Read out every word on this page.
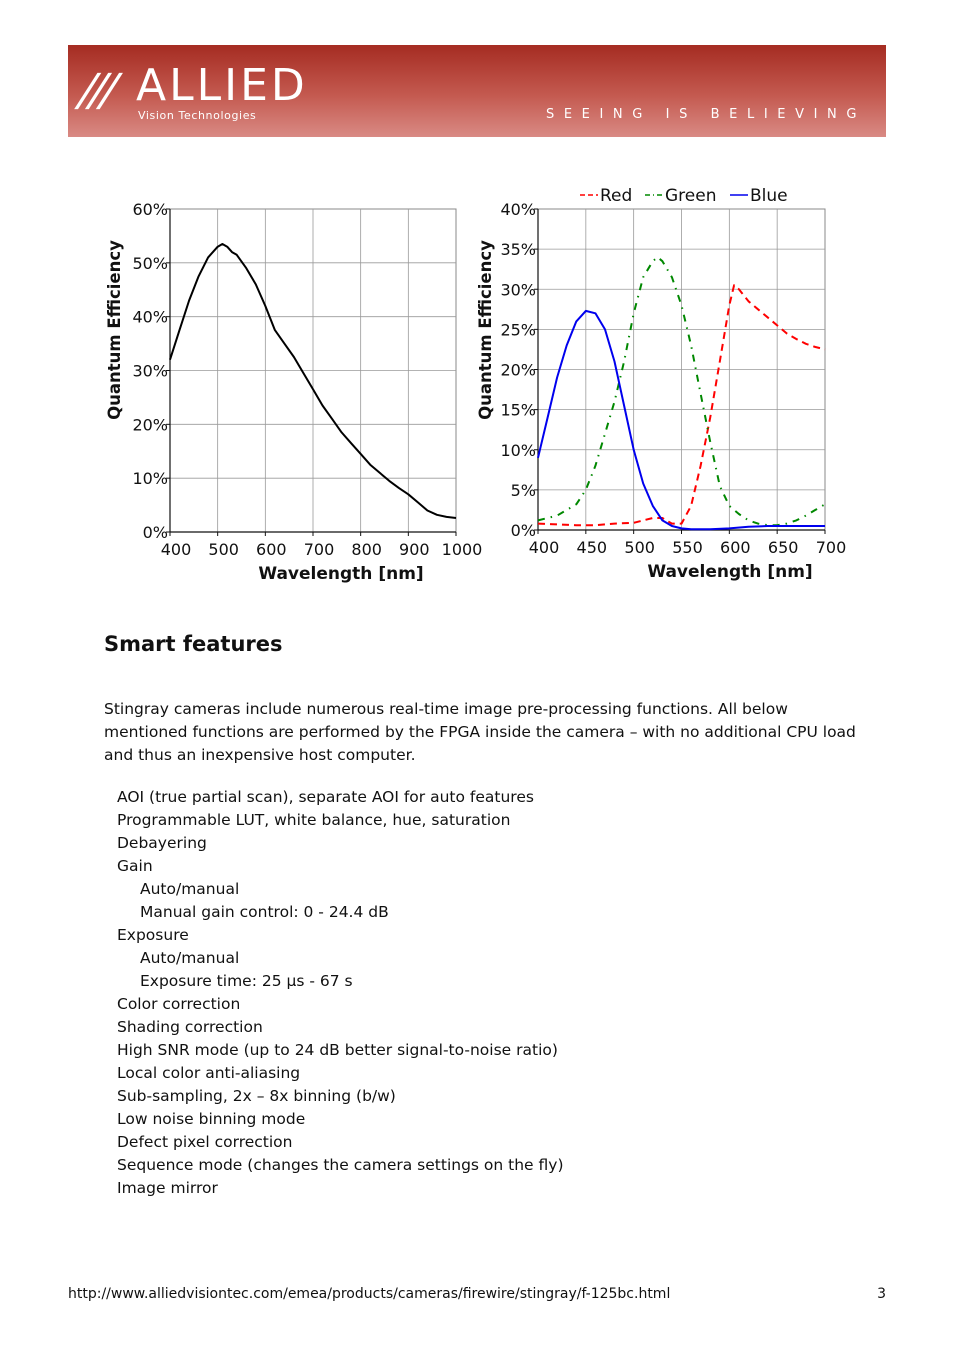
/// ALLIED
Vision Technologies	SEEING IS BELIEVING
400 500 600 700 800 900 1000
0%
10%
20%
30%
40%
50%
60%
Wavelength [nm]
Quantum Efficiency
400 450 500 550 600 650 700
0%
5%
10%
15%
20%
25%
30%
35%
40%
Wavelength [nm]
Quantum Efficiency
Red Green Blue
Smart features
Stingray cameras include numerous real-time image pre-processing functions. All below mentioned functions are performed by the FPGA inside the camera – with no additional CPU load and thus an inexpensive host computer.
AOI (true partial scan), separate AOI for auto features
Programmable LUT, white balance, hue, saturation
Debayering
Gain
Auto/manual
Manual gain control: 0 - 24.4 dB
Exposure
Auto/manual
Exposure time: 25 µs - 67 s
Color correction
Shading correction
High SNR mode (up to 24 dB better signal-to-noise ratio)
Local color anti-aliasing
Sub-sampling, 2x – 8x binning (b/w)
Low noise binning mode
Defect pixel correction
Sequence mode (changes the camera settings on the fly)
Image mirror
http://www.alliedvisiontec.com/emea/products/cameras/firewire/stingray/f-125bc.html	3
